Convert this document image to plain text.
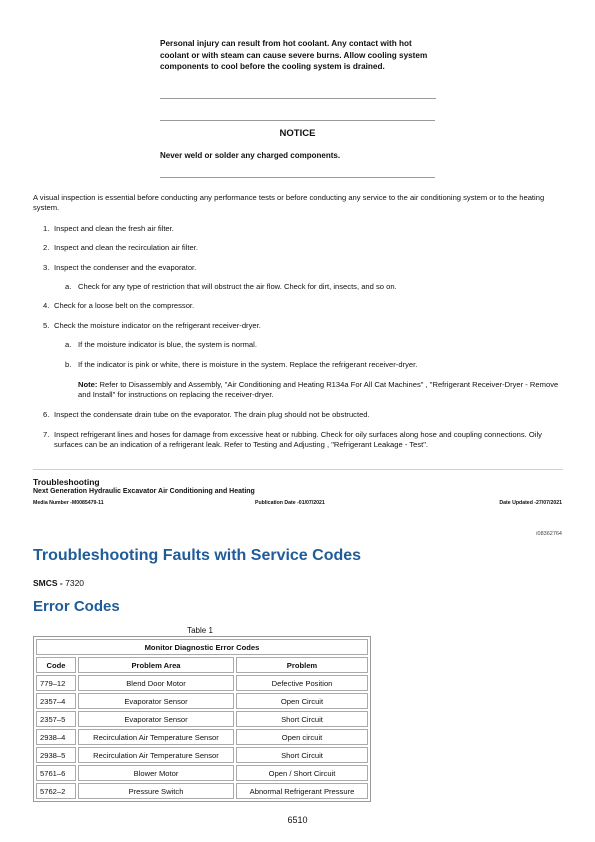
Personal injury can result from hot coolant. Any contact with hot coolant or with steam can cause severe burns. Allow cooling system components to cool before the cooling system is drained.
NOTICE
Never weld or solder any charged components.
A visual inspection is essential before conducting any performance tests or before conducting any service to the air conditioning system or to the heating system.
1. Inspect and clean the fresh air filter.
2. Inspect and clean the recirculation air filter.
3. Inspect the condenser and the evaporator.
a. Check for any type of restriction that will obstruct the air flow. Check for dirt, insects, and so on.
4. Check for a loose belt on the compressor.
5. Check the moisture indicator on the refrigerant receiver-dryer.
a. If the moisture indicator is blue, the system is normal.
b. If the indicator is pink or white, there is moisture in the system. Replace the refrigerant receiver-dryer.
Note: Refer to Disassembly and Assembly, "Air Conditioning and Heating R134a For All Cat Machines" , "Refrigerant Receiver-Dryer - Remove and Install" for instructions on replacing the receiver-dryer.
6. Inspect the condensate drain tube on the evaporator. The drain plug should not be obstructed.
7. Inspect refrigerant lines and hoses for damage from excessive heat or rubbing. Check for oily surfaces along hose and coupling connections. Oily surfaces can be an indication of a refrigerant leak. Refer to Testing and Adjusting , "Refrigerant Leakage - Test".
Troubleshooting
Next Generation Hydraulic Excavator Air Conditioning and Heating
Media Number -M0085479-11	Publication Date -01/07/2021	Date Updated -27/07/2021
i08362764
Troubleshooting Faults with Service Codes
SMCS - 7320
Error Codes
Table 1
Monitor Diagnostic Error Codes		
Code	Problem Area	Problem
779–12	Blend Door Motor	Defective Position
2357–4	Evaporator Sensor	Open Circuit
2357–5	Evaporator Sensor	Short Circuit
2938–4	Recirculation Air Temperature Sensor	Open circuit
2938–5	Recirculation Air Temperature Sensor	Short Circuit
5761–6	Blower Motor	Open / Short Circuit
5762–2	Pressure Switch	Abnormal Refrigerant Pressure
6510
